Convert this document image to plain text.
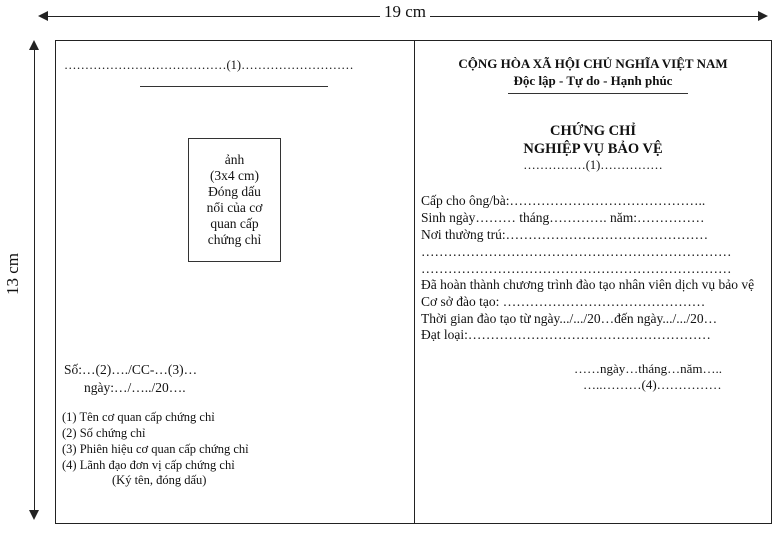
19 cm
13 cm
…………………………………(1)………………………
ảnh
(3x4 cm)
Đóng dấu
nổi của cơ
quan cấp
chứng chỉ
Số:…(2)…./CC-…(3)…
ngày:…/…../20….
(1) Tên cơ quan cấp chứng chỉ
(2) Số chứng chỉ
(3) Phiên hiệu cơ quan cấp chứng chỉ
(4) Lãnh đạo đơn vị cấp chứng chỉ
(Ký tên, đóng dấu)
CỘNG HÒA XÃ HỘI CHỦ NGHĨA VIỆT NAM
Độc lập - Tự do - Hạnh phúc
CHỨNG CHỈ
NGHIỆP VỤ BẢO VỆ
……………(1)……………
Cấp cho ông/bà:……………………………………..
Sinh ngày……… tháng…………. năm:……………
Nơi thường trú:………………………………………
……………………………………………………………
……………………………………………………………
Đã hoàn thành chương trình đào tạo nhân viên dịch vụ bảo vệ
Cơ sở đào tạo: ………………………………………
Thời gian đào tạo từ ngày.../.../20…đến ngày.../.../20…
Đạt loại:………………………………………………
……ngày…tháng…năm…..
…..………(4)……………
